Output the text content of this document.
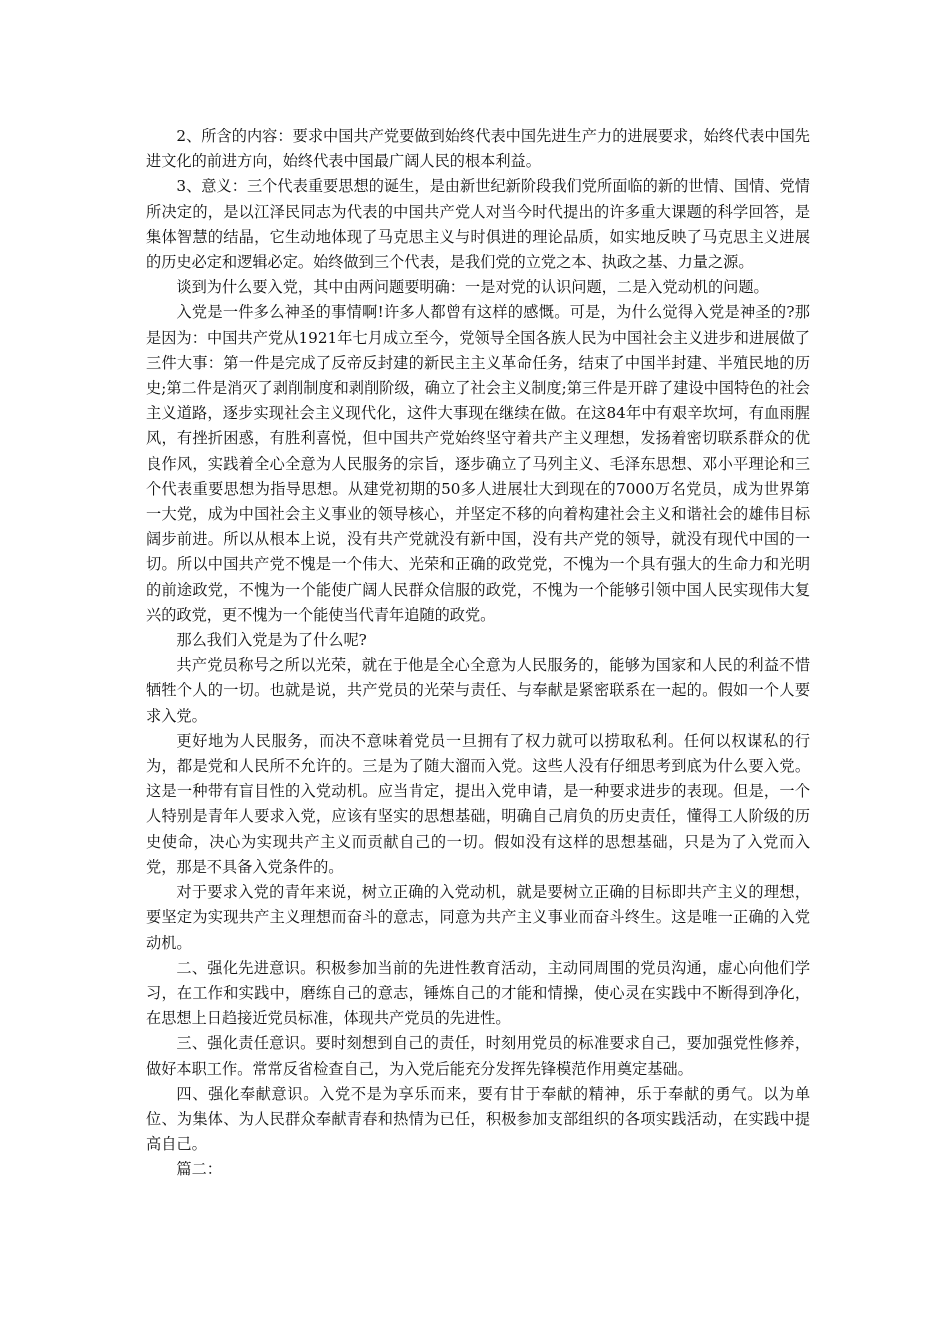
2、所含的内容：要求中国共产党要做到始终代表中国先进生产力的进展要求，始终代表中国先进文化的前进方向，始终代表中国最广阔人民的根本利益。

3、意义：三个代表重要思想的诞生，是由新世纪新阶段我们党所面临的新的世情、国情、党情所决定的，是以江泽民同志为代表的中国共产党人对当今时代提出的许多重大课题的科学回答，是集体智慧的结晶，它生动地体现了马克思主义与时俱进的理论品质，如实地反映了马克思主义进展的历史必定和逻辑必定。始终做到三个代表，是我们党的立党之本、执政之基、力量之源。

谈到为什么要入党，其中由两问题要明确：一是对党的认识问题，二是入党动机的问题。

入党是一件多么神圣的事情啊!许多人都曾有这样的感慨。可是，为什么觉得入党是神圣的?那是因为：中国共产党从1921年七月成立至今，党领导全国各族人民为中国社会主义进步和进展做了三件大事：第一件是完成了反帝反封建的新民主主义革命任务，结束了中国半封建、半殖民地的历史;第二件是消灭了剥削制度和剥削阶级，确立了社会主义制度;第三件是开辟了建设中国特色的社会主义道路，逐步实现社会主义现代化，这件大事现在继续在做。在这84年中有艰辛坎坷，有血雨腥风，有挫折困惑，有胜利喜悦，但中国共产党始终坚守着共产主义理想，发扬着密切联系群众的优良作风，实践着全心全意为人民服务的宗旨，逐步确立了马列主义、毛泽东思想、邓小平理论和三个代表重要思想为指导思想。从建党初期的50多人进展壮大到现在的7000万名党员，成为世界第一大党，成为中国社会主义事业的领导核心，并坚定不移的向着构建社会主义和谐社会的雄伟目标阔步前进。所以从根本上说，没有共产党就没有新中国，没有共产党的领导，就没有现代中国的一切。所以中国共产党不愧是一个伟大、光荣和正确的政党党，不愧为一个具有强大的生命力和光明的前途政党，不愧为一个能使广阔人民群众信服的政党，不愧为一个能够引领中国人民实现伟大复兴的政党，更不愧为一个能使当代青年追随的政党。

那么我们入党是为了什么呢?

共产党员称号之所以光荣，就在于他是全心全意为人民服务的，能够为国家和人民的利益不惜牺牲个人的一切。也就是说，共产党员的光荣与责任、与奉献是紧密联系在一起的。假如一个人要求入党。

更好地为人民服务，而决不意味着党员一旦拥有了权力就可以捞取私利。任何以权谋私的行为，都是党和人民所不允许的。三是为了随大溜而入党。这些人没有仔细思考到底为什么要入党。这是一种带有盲目性的入党动机。应当肯定，提出入党申请，是一种要求进步的表现。但是，一个人特别是青年人要求入党，应该有坚实的思想基础，明确自己肩负的历史责任，懂得工人阶级的历史使命，决心为实现共产主义而贡献自己的一切。假如没有这样的思想基础，只是为了入党而入党，那是不具备入党条件的。

对于要求入党的青年来说，树立正确的入党动机，就是要树立正确的目标即共产主义的理想，要坚定为实现共产主义理想而奋斗的意志，同意为共产主义事业而奋斗终生。这是唯一正确的入党动机。

二、强化先进意识。积极参加当前的先进性教育活动，主动同周围的党员沟通，虚心向他们学习，在工作和实践中，磨练自己的意志，锤炼自己的才能和情操，使心灵在实践中不断得到净化，在思想上日趋接近党员标准，体现共产党员的先进性。

三、强化责任意识。要时刻想到自己的责任，时刻用党员的标准要求自己，要加强党性修养，做好本职工作。常常反省检查自己，为入党后能充分发挥先锋模范作用奠定基础。

四、强化奉献意识。入党不是为享乐而来，要有甘于奉献的精神，乐于奉献的勇气。以为单位、为集体、为人民群众奉献青春和热情为已任，积极参加支部组织的各项实践活动，在实践中提高自己。

篇二：
